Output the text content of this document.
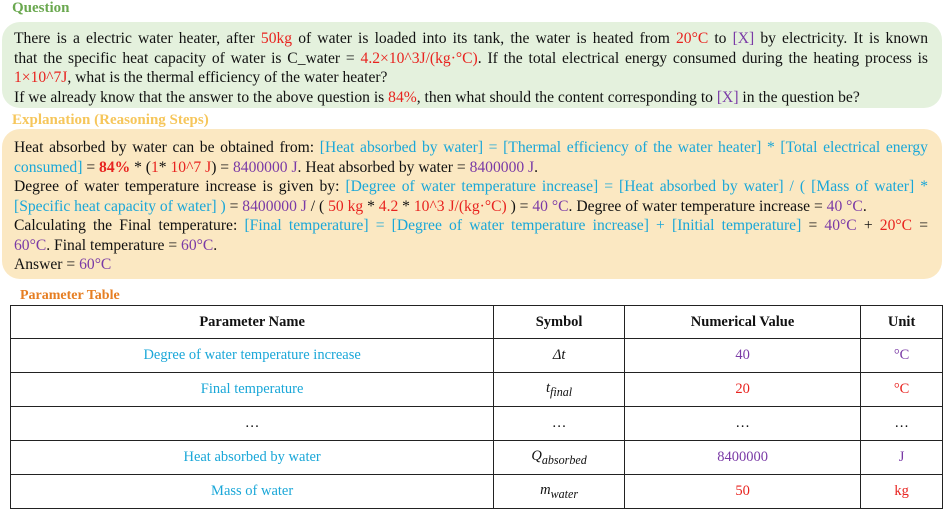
Question
There is a electric water heater, after 50kg of water is loaded into its tank, the water is heated from 20°C to [X] by electricity. It is known
that the specific heat capacity of water is C_water = 4.2×10^3J/(kg·°C). If the total electrical energy consumed during the heating process is
1×10^7J, what is the thermal efficiency of the water heater?
If we already know that the answer to the above question is 84%, then what should the content corresponding to [X] in the question be?
Explanation (Reasoning Steps)
Heat absorbed by water can be obtained from: [Heat absorbed by water] = [Thermal efficiency of the water heater] * [Total electrical energy
consumed] = 84% * (1* 10^7 J) = 8400000 J. Heat absorbed by water = 8400000 J.
Degree of water temperature increase is given by: [Degree of water temperature increase] = [Heat absorbed by water] / ( [Mass of water] *
[Specific heat capacity of water] ) = 8400000 J / ( 50 kg * 4.2 * 10^3 J/(kg·°C) ) = 40 °C. Degree of water temperature increase = 40 °C.
Calculating the Final temperature: [Final temperature] = [Degree of water temperature increase] + [Initial temperature] = 40°C + 20°C =
60°C. Final temperature = 60°C.
Answer = 60°C
Parameter Table
Parameter Name	Symbol	Numerical Value	Unit
Degree of water temperature increase	Δt	40	°C
Final temperature	$t_{final}$	20	°C
…	…	…	…
Heat absorbed by water	$Q_{absorbed}$	8400000	J
Mass of water	$m_{water}$	50	kg
